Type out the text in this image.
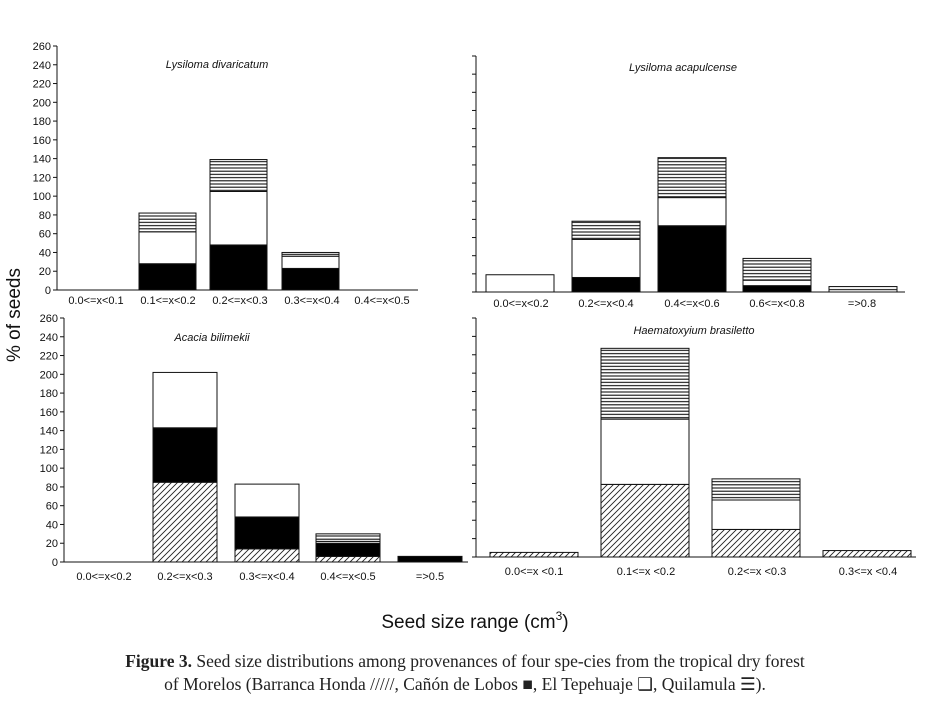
0
20
40
60
80
100
120
140
160
180
200
220
240
260
Lysiloma divaricatum
0.0<=x<0.1 0.1<=x<0.2 0.2<=x<0.3 0.3<=x<0.4 0.4<=x<0.5
Lysiloma acapulcense
0.0<=x<0.2	0.2<=x<0.4	0.4<=x<0.6	0.6<=x<0.8	=>0.8
0
20
40
60
80
100
120
140
160
180
200
220
240
260
Acacia bilimekii
0.0<=x<0.2 0.2<=x<0.3 0.3<=x<0.4 0.4<=x<0.5	=>0.5
Haematoxyium brasiletto
0.0<=x <0.1	0.1<=x <0.2	0.2<=x <0.3	0.3<=x <0.4
% of seeds
Seed size range $(cm^3)$
Figure 3. Seed size distributions among provenances of four spe-cies from the tropical dry forest of Morelos (Barranca Honda /////, Cañón de Lobos ■, El Tepehuaje ❑, Quilamula ☰).
